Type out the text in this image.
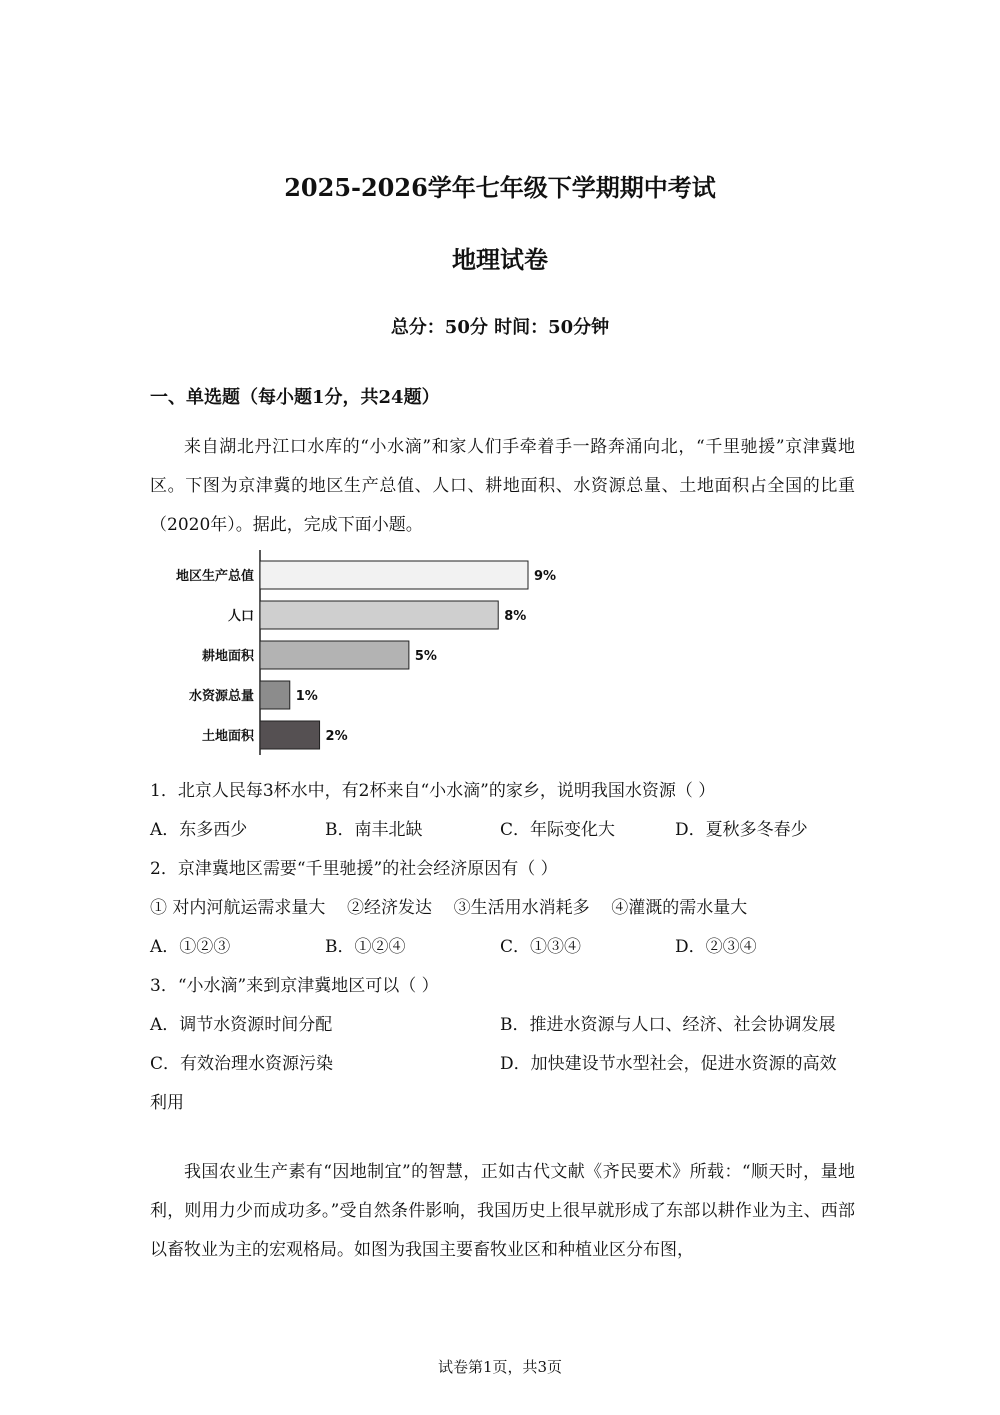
2025-2026学年七年级下学期期中考试
地理试卷
总分：50分 时间：50分钟
一、单选题（每小题1分，共24题）
来自湖北丹江口水库的“小水滴”和家人们手牵着手一路奔涌向北，“千里驰援”京津冀地区。下图为京津冀的地区生产总值、人口、耕地面积、水资源总量、土地面积占全国的比重（2020年）。据此，完成下面小题。
地区生产总值	9%
人口	8%
耕地面积	5%
水资源总量	1%
土地面积	2%
1．北京人民每3杯水中，有2杯来自“小水滴”的家乡，说明我国水资源（ ）
A．东多西少	B．南丰北缺	C．年际变化大	D．夏秋多冬春少
2．京津冀地区需要“千里驰援”的社会经济原因有（ ）
① 对内河航运需求量大    ②经济发达    ③生活用水消耗多    ④灌溉的需水量大
A．①②③	B．①②④	C．①③④	D．②③④
3．“小水滴”来到京津冀地区可以（ ）
A．调节水资源时间分配	B．推进水资源与人口、经济、社会协调发展
C．有效治理水资源污染	D．加快建设节水型社会，促进水资源的高效
利用
我国农业生产素有“因地制宜”的智慧，正如古代文献《齐民要术》所载：“顺天时，量地利，则用力少而成功多。”受自然条件影响，我国历史上很早就形成了东部以耕作业为主、西部以畜牧业为主的宏观格局。如图为我国主要畜牧业区和种植业区分布图，
试卷第1页，共3页
